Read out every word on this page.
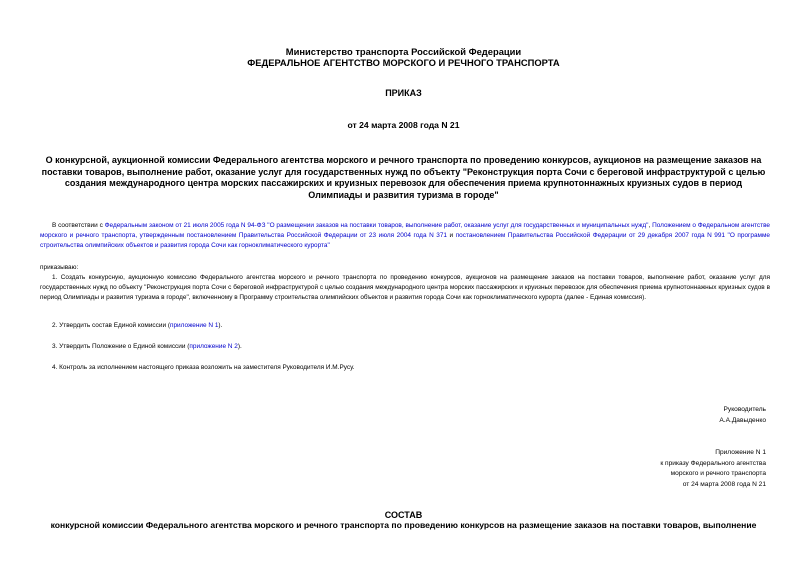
Министерство транспорта Российской Федерации
ФЕДЕРАЛЬНОЕ АГЕНТСТВО МОРСКОГО И РЕЧНОГО ТРАНСПОРТА
ПРИКАЗ
от 24 марта 2008 года N 21
О конкурсной, аукционной комиссии Федерального агентства морского и речного транспорта по проведению конкурсов, аукционов на размещение заказов на поставки товаров, выполнение работ, оказание услуг для государственных нужд по объекту "Реконструкция порта Сочи с береговой инфраструктурой с целью создания международного центра морских пассажирских и круизных перевозок для обеспечения приема крупнотоннажных круизных судов в период Олимпиады и развития туризма в городе"
В соответствии с Федеральным законом от 21 июля 2005 года N 94-ФЗ "О размещении заказов на поставки товаров, выполнение работ, оказание услуг для государственных и муниципальных нужд", Положением о Федеральном агентстве морского и речного транспорта, утвержденным постановлением Правительства Российской Федерации от 23 июля 2004 года N 371 и постановлением Правительства Российской Федерации от 29 декабря 2007 года N 991 "О программе строительства олимпийских объектов и развития города Сочи как горноклиматического курорта"
приказываю:
1. Создать конкурсную, аукционную комиссию Федерального агентства морского и речного транспорта по проведению конкурсов, аукционов на размещение заказов на поставки товаров, выполнение работ, оказание услуг для государственных нужд по объекту "Реконструкция порта Сочи с береговой инфраструктурой с целью создания международного центра морских пассажирских и круизных перевозок для обеспечения приема крупнотоннажных круизных судов в период Олимпиады и развития туризма в городе", включенному в Программу строительства олимпийских объектов и развития города Сочи как горноклиматического курорта (далее - Единая комиссия).
2. Утвердить состав Единой комиссии (приложение N 1).
3. Утвердить Положение о Единой комиссии (приложение N 2).
4. Контроль за исполнением настоящего приказа возложить на заместителя Руководителя И.М.Русу.
Руководитель
А.А.Давыденко
Приложение N 1
к приказу Федерального агентства
морского и речного транспорта
от 24 марта 2008 года N 21
СОСТАВ
конкурсной комиссии Федерального агентства морского и речного транспорта по проведению конкурсов на размещение заказов на поставки товаров, выполнение
